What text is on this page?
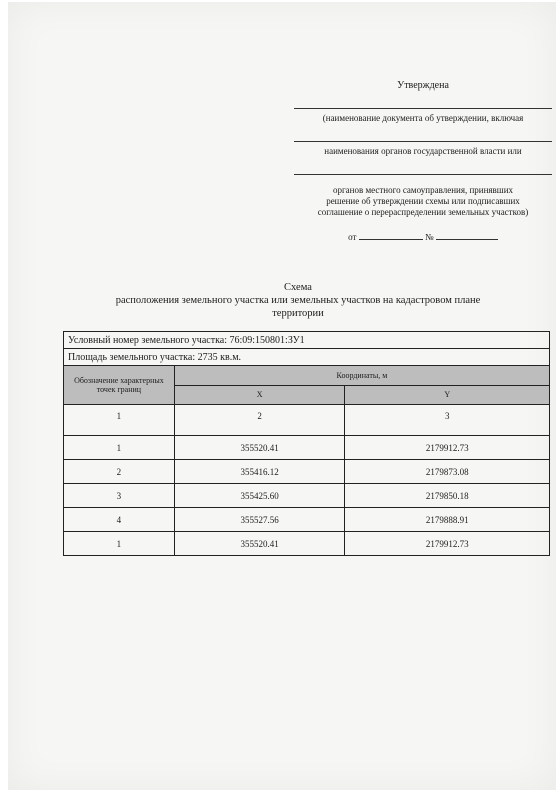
Утверждена
(наименование документа об утверждении, включая
наименования органов государственной власти или
органов местного самоуправления, принявших
решение об утверждении схемы или подписавших
соглашение о перераспределении земельных участков)
от	№
Схема
расположения земельного участка или земельных участков на кадастровом плане
территории
Условный номер земельного участка: 76:09:150801:ЗУ1		
Площадь земельного участка: 2735 кв.м.		
Обозначение характерных точек границ	Координаты, м	
	X	Y
1	2	3
1	355520.41	2179912.73
2	355416.12	2179873.08
3	355425.60	2179850.18
4	355527.56	2179888.91
1	355520.41	2179912.73
